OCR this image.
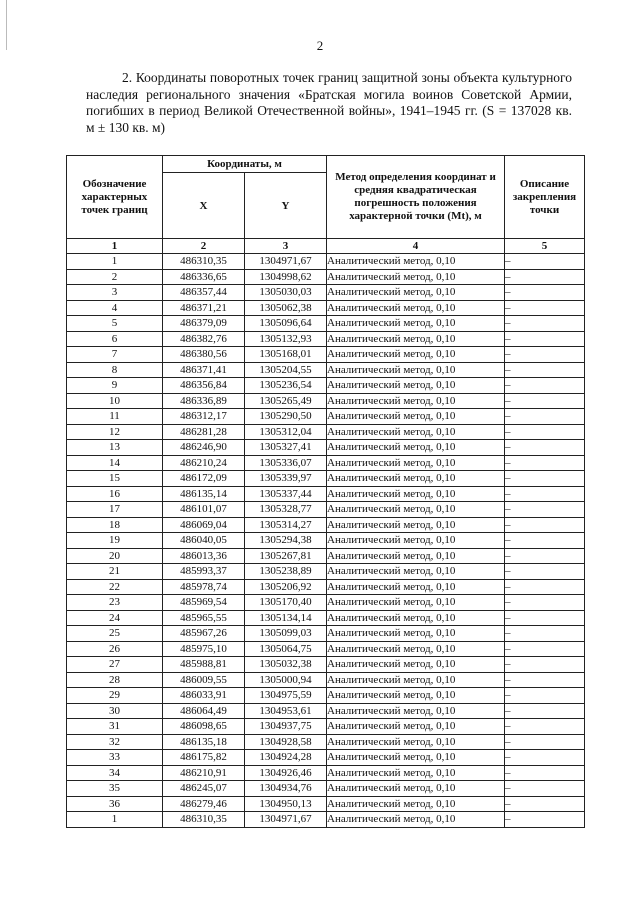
2
2. Координаты поворотных точек границ защитной зоны объекта культурного наследия регионального значения «Братская могила воинов Советской Армии, погибших в период Великой Отечественной войны», 1941–1945 гг. (S = 137028 кв. м ± 130 кв. м)
Обозначение характерных точек границ	Координаты, м		Метод определения координат и средняя квадратическая погрешность положения характерной точки (Mt), м	Описание закрепления точки
	X	Y		
1	2	3	4	5
1	486310,35	1304971,67	Аналитический метод, 0,10	–
2	486336,65	1304998,62	Аналитический метод, 0,10	–
3	486357,44	1305030,03	Аналитический метод, 0,10	–
4	486371,21	1305062,38	Аналитический метод, 0,10	–
5	486379,09	1305096,64	Аналитический метод, 0,10	–
6	486382,76	1305132,93	Аналитический метод, 0,10	–
7	486380,56	1305168,01	Аналитический метод, 0,10	–
8	486371,41	1305204,55	Аналитический метод, 0,10	–
9	486356,84	1305236,54	Аналитический метод, 0,10	–
10	486336,89	1305265,49	Аналитический метод, 0,10	–
11	486312,17	1305290,50	Аналитический метод, 0,10	–
12	486281,28	1305312,04	Аналитический метод, 0,10	–
13	486246,90	1305327,41	Аналитический метод, 0,10	–
14	486210,24	1305336,07	Аналитический метод, 0,10	–
15	486172,09	1305339,97	Аналитический метод, 0,10	–
16	486135,14	1305337,44	Аналитический метод, 0,10	–
17	486101,07	1305328,77	Аналитический метод, 0,10	–
18	486069,04	1305314,27	Аналитический метод, 0,10	–
19	486040,05	1305294,38	Аналитический метод, 0,10	–
20	486013,36	1305267,81	Аналитический метод, 0,10	–
21	485993,37	1305238,89	Аналитический метод, 0,10	–
22	485978,74	1305206,92	Аналитический метод, 0,10	–
23	485969,54	1305170,40	Аналитический метод, 0,10	–
24	485965,55	1305134,14	Аналитический метод, 0,10	–
25	485967,26	1305099,03	Аналитический метод, 0,10	–
26	485975,10	1305064,75	Аналитический метод, 0,10	–
27	485988,81	1305032,38	Аналитический метод, 0,10	–
28	486009,55	1305000,94	Аналитический метод, 0,10	–
29	486033,91	1304975,59	Аналитический метод, 0,10	–
30	486064,49	1304953,61	Аналитический метод, 0,10	–
31	486098,65	1304937,75	Аналитический метод, 0,10	–
32	486135,18	1304928,58	Аналитический метод, 0,10	–
33	486175,82	1304924,28	Аналитический метод, 0,10	–
34	486210,91	1304926,46	Аналитический метод, 0,10	–
35	486245,07	1304934,76	Аналитический метод, 0,10	–
36	486279,46	1304950,13	Аналитический метод, 0,10	–
1	486310,35	1304971,67	Аналитический метод, 0,10	–
